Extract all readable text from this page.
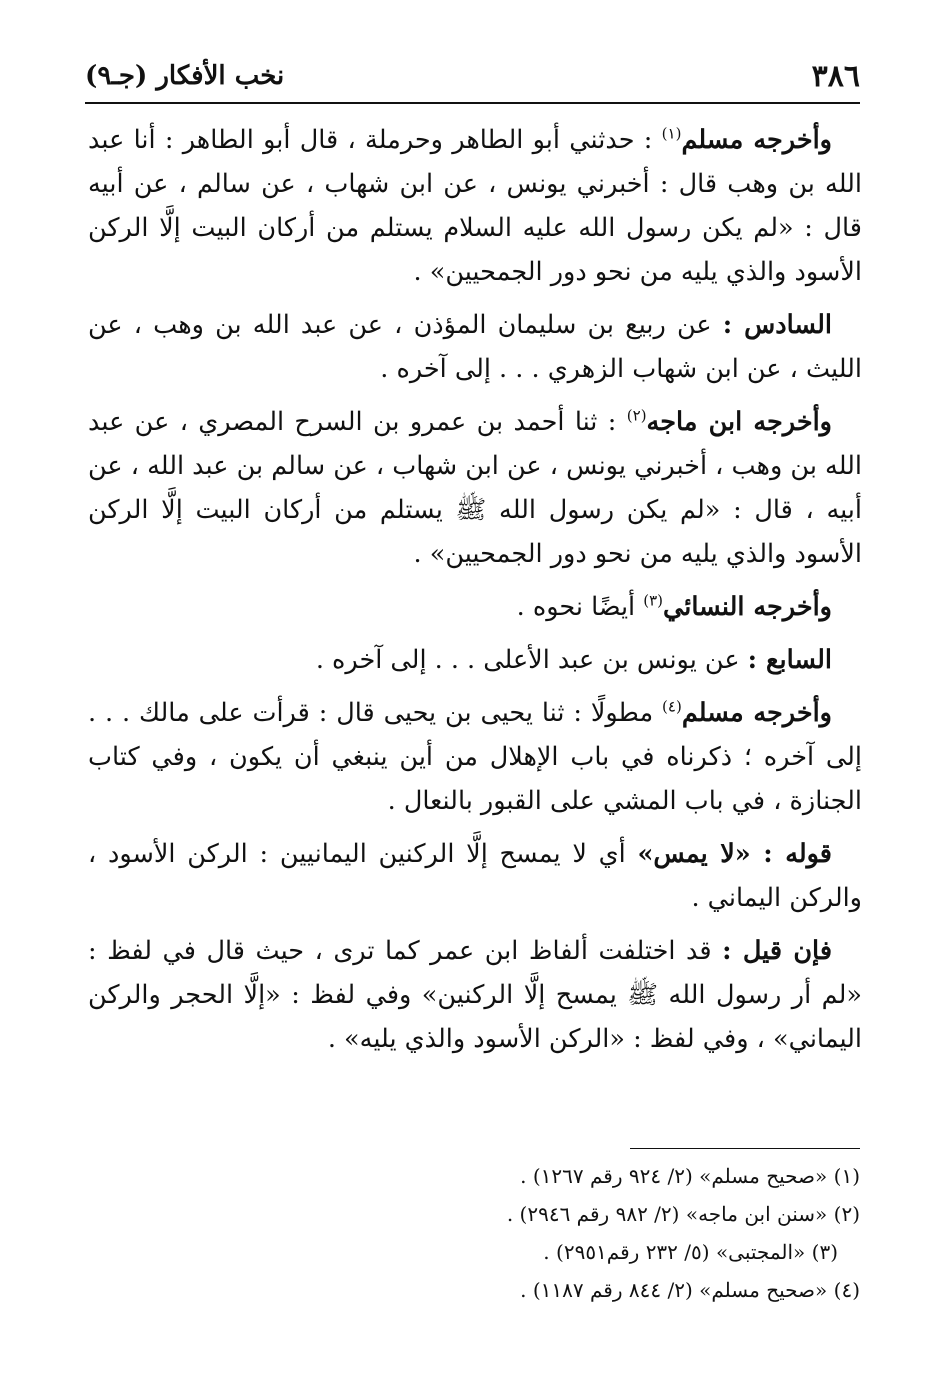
٣٨٦
نخب الأفكار (جـ٩)

وأخرجه مسلم$^{(١)}$ : حدثني أبو الطاهر وحرملة ، قال أبو الطاهر : أنا عبد الله بن وهب قال : أخبرني يونس ، عن ابن شهاب ، عن سالم ، عن أبيه قال : «لم يكن رسول الله عليه السلام يستلم من أركان البيت إلَّا الركن الأسود والذي يليه من نحو دور الجمحيين» .

السادس : عن ربيع بن سليمان المؤذن ، عن عبد الله بن وهب ، عن الليث ، عن ابن شهاب الزهري . . . إلى آخره .

وأخرجه ابن ماجه$^{(٢)}$ : ثنا أحمد بن عمرو بن السرح المصري ، عن عبد الله بن وهب ، أخبرني يونس ، عن ابن شهاب ، عن سالم بن عبد الله ، عن أبيه ، قال : «لم يكن رسول الله ﷺ يستلم من أركان البيت إلَّا الركن الأسود والذي يليه من نحو دور الجمحيين» .

وأخرجه النسائي$^{(٣)}$ أيضًا نحوه .

السابع : عن يونس بن عبد الأعلى . . . إلى آخره .

وأخرجه مسلم$^{(٤)}$ مطولًا : ثنا يحيى بن يحيى قال : قرأت على مالك . . . إلى آخره ؛ ذكرناه في باب الإهلال من أين ينبغي أن يكون ، وفي كتاب الجنازة ، في باب المشي على القبور بالنعال .

قوله : «لا يمس» أي لا يمسح إلَّا الركنين اليمانيين : الركن الأسود ، والركن اليماني .

فإن قيل : قد اختلفت ألفاظ ابن عمر كما ترى ، حيث قال في لفظ : «لم أر رسول الله ﷺ يمسح إلَّا الركنين» وفي لفظ : «إلَّا الحجر والركن اليماني» ، وفي لفظ : «الركن الأسود والذي يليه» .

(١) «صحيح مسلم» (٢/ ٩٢٤ رقم ١٢٦٧) .

(٢) «سنن ابن ماجه» (٢/ ٩٨٢ رقم ٢٩٤٦) .

(٣) «المجتبى» (٥/ ٢٣٢ رقم٢٩٥١) .

(٤) «صحيح مسلم» (٢/ ٨٤٤ رقم ١١٨٧) .
